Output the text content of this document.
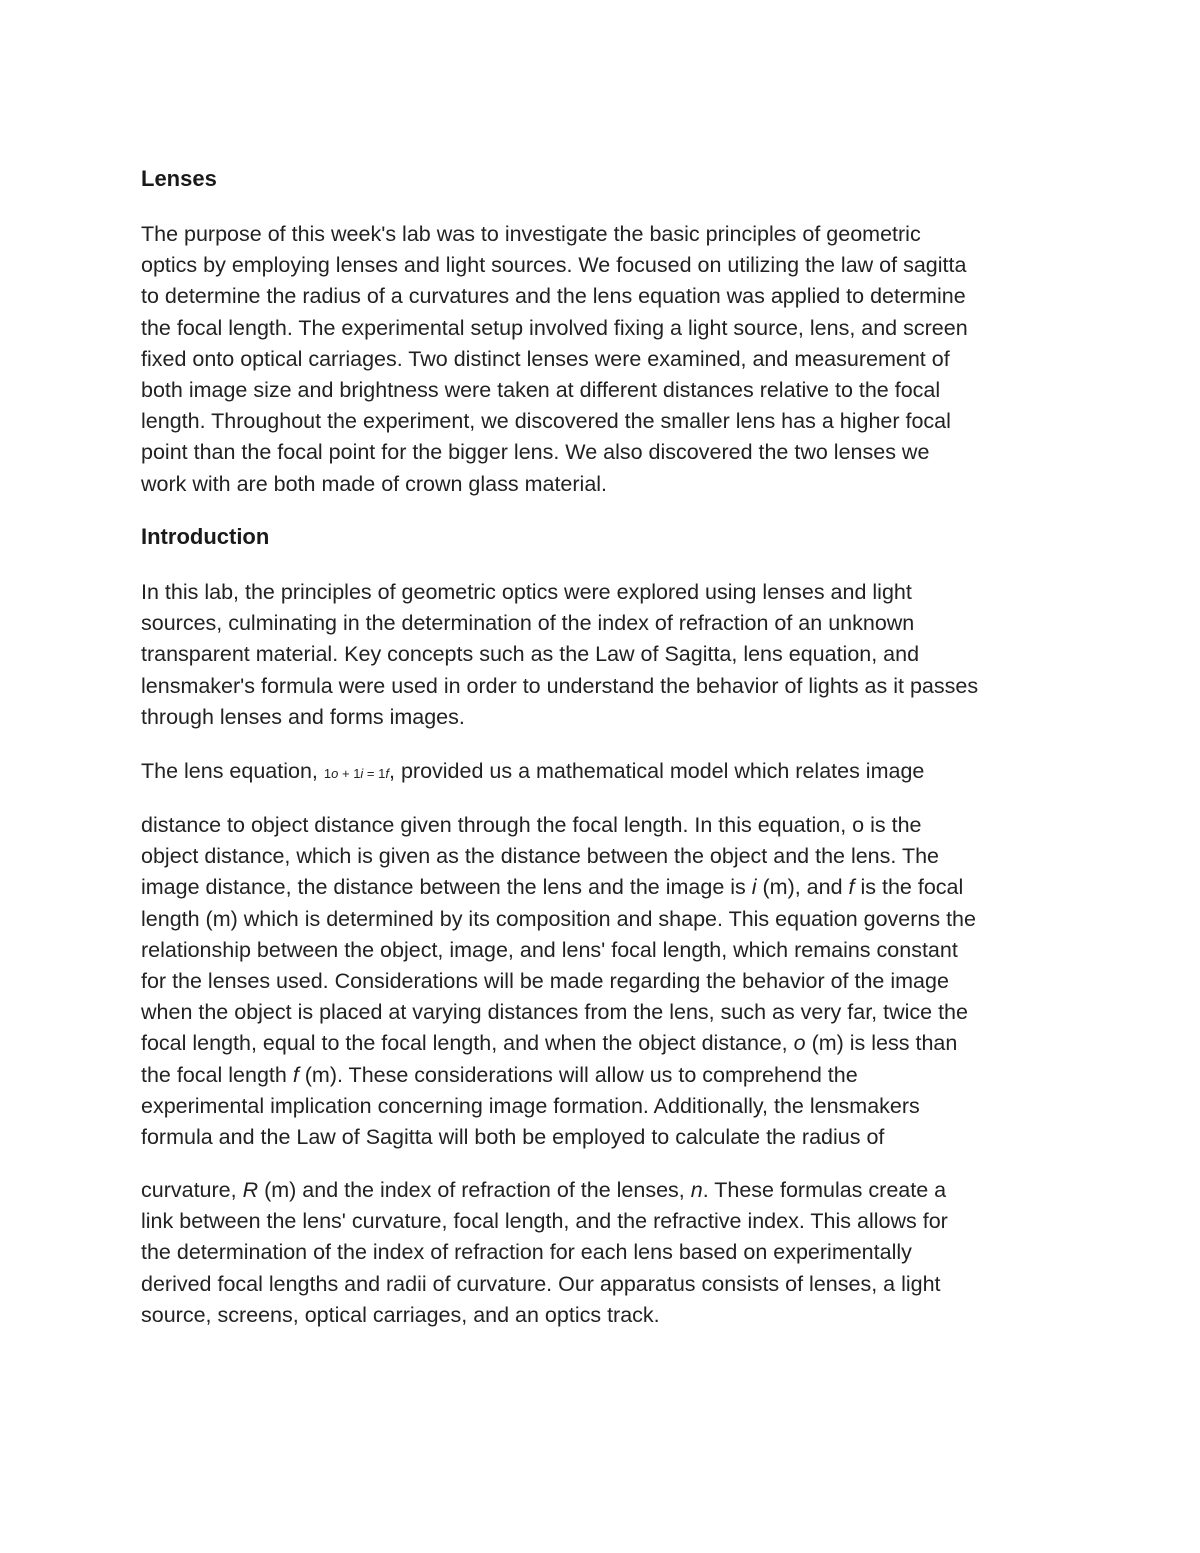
Lenses

The purpose of this week's lab was to investigate the basic principles of geometric
optics by employing lenses and light sources. We focused on utilizing the law of sagitta
to determine the radius of a curvatures and the lens equation was applied to determine
the focal length. The experimental setup involved fixing a light source, lens, and screen
fixed onto optical carriages. Two distinct lenses were examined, and measurement of
both image size and brightness were taken at different distances relative to the focal
length. Throughout the experiment, we discovered the smaller lens has a higher focal
point than the focal point for the bigger lens. We also discovered the two lenses we
work with are both made of crown glass material.

Introduction

In this lab, the principles of geometric optics were explored using lenses and light
sources, culminating in the determination of the index of refraction of an unknown
transparent material. Key concepts such as the Law of Sagitta, lens equation, and
lensmaker's formula were used in order to understand the behavior of lights as it passes
through lenses and forms images.

The lens equation, 1o + 1i = 1f, provided us a mathematical model which relates image

distance to object distance given through the focal length. In this equation, o is the
object distance, which is given as the distance between the object and the lens. The
image distance, the distance between the lens and the image is i (m), and f is the focal
length (m) which is determined by its composition and shape. This equation governs the
relationship between the object, image, and lens' focal length, which remains constant
for the lenses used. Considerations will be made regarding the behavior of the image
when the object is placed at varying distances from the lens, such as very far, twice the
focal length, equal to the focal length, and when the object distance, o (m) is less than
the focal length f (m). These considerations will allow us to comprehend the
experimental implication concerning image formation. Additionally, the lensmakers
formula and the Law of Sagitta will both be employed to calculate the radius of

curvature, R (m) and the index of refraction of the lenses, n. These formulas create a
link between the lens' curvature, focal length, and the refractive index. This allows for
the determination of the index of refraction for each lens based on experimentally
derived focal lengths and radii of curvature. Our apparatus consists of lenses, a light
source, screens, optical carriages, and an optics track.
